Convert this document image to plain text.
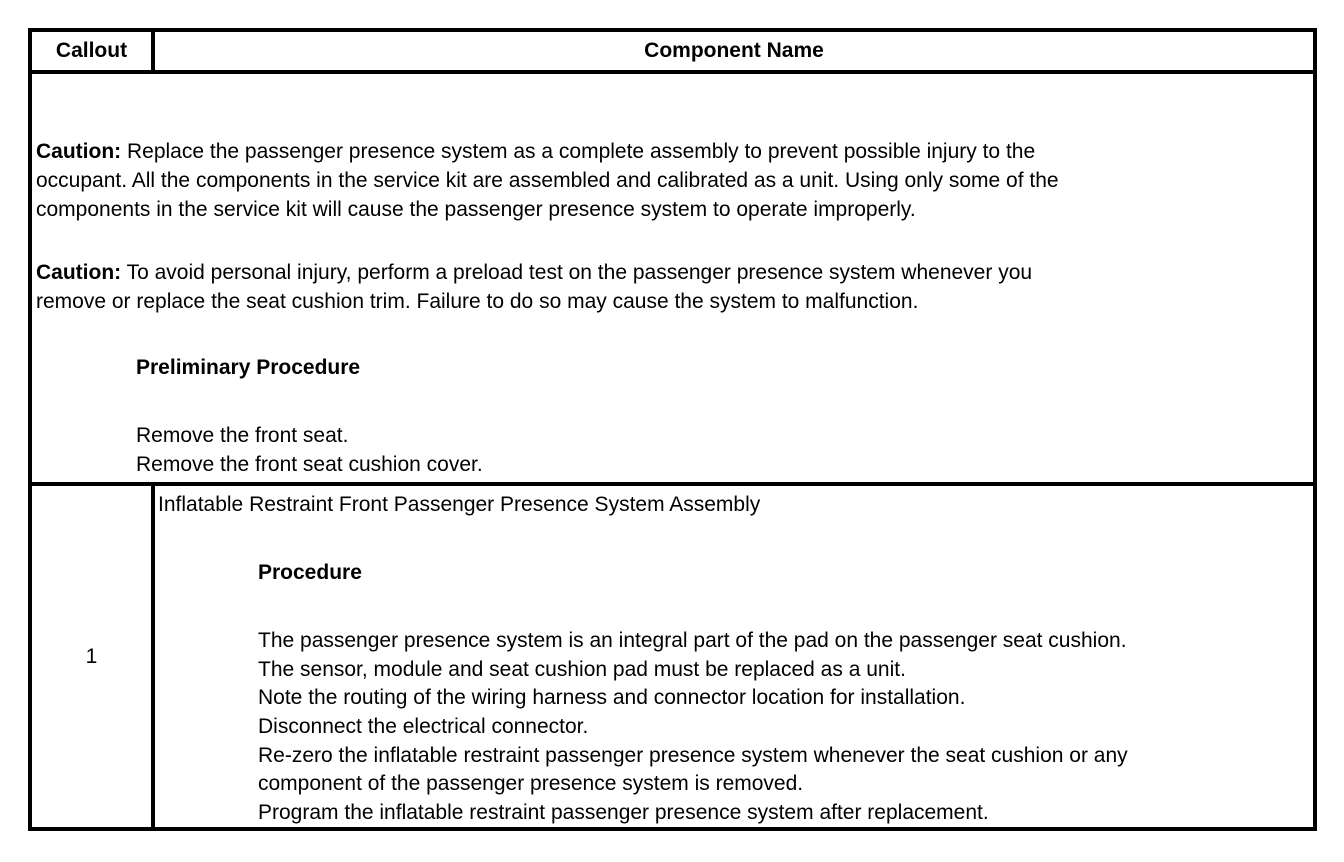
Callout	Component Name
Caution: Replace the passenger presence system as a complete assembly to prevent possible injury to the
occupant. All the components in the service kit are assembled and calibrated as a unit. Using only some of the
components in the service kit will cause the passenger presence system to operate improperly.
Caution: To avoid personal injury, perform a preload test on the passenger presence system whenever you
remove or replace the seat cushion trim. Failure to do so may cause the system to malfunction.
Preliminary Procedure
Remove the front seat.
Remove the front seat cushion cover.
1
Inflatable Restraint Front Passenger Presence System Assembly
Procedure
The passenger presence system is an integral part of the pad on the passenger seat cushion.
The sensor, module and seat cushion pad must be replaced as a unit.
Note the routing of the wiring harness and connector location for installation.
Disconnect the electrical connector.
Re-zero the inflatable restraint passenger presence system whenever the seat cushion or any
component of the passenger presence system is removed.
Program the inflatable restraint passenger presence system after replacement.
